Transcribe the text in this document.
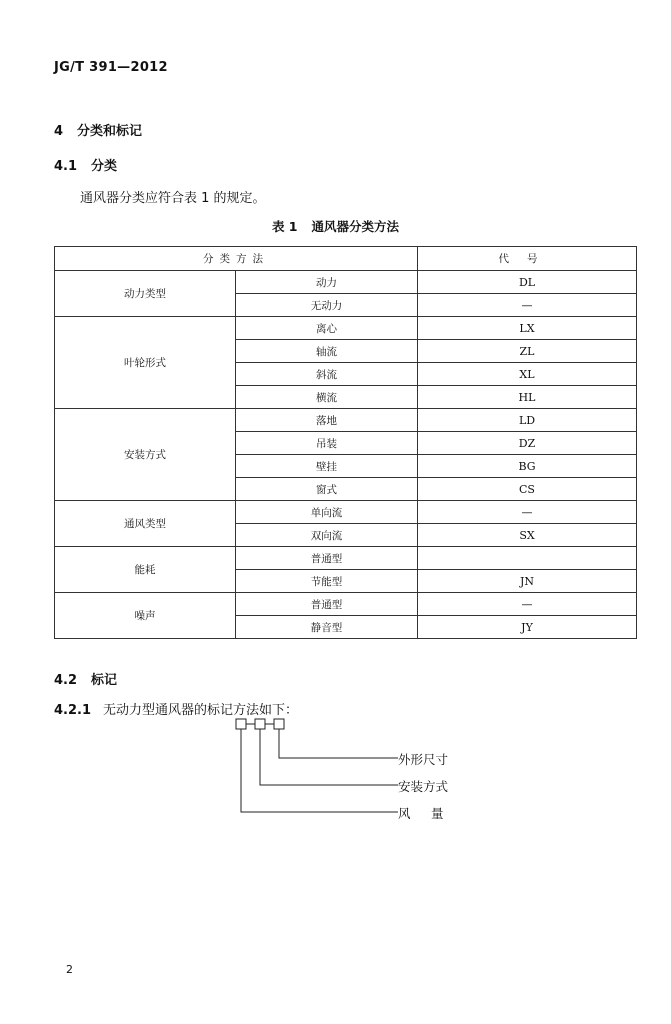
JG/T 391—2012
4 分类和标记
4.1 分类
通风器分类应符合表 1 的规定。
表 1 通风器分类方法
分类方法		代号
动力类型	动力	DL
	无动力	—
叶轮形式	离心	LX
	轴流	ZL
	斜流	XL
	横流	HL
安装方式	落地	LD
	吊装	DZ
	壁挂	BG
	窗式	CS
通风类型	单向流	—
	双向流	SX
能耗	普通型	
	节能型	JN
噪声	普通型	—
	静音型	JY
4.2 标记
4.2.1 无动力型通风器的标记方法如下：
外形尺寸
安装方式
风　量
2
